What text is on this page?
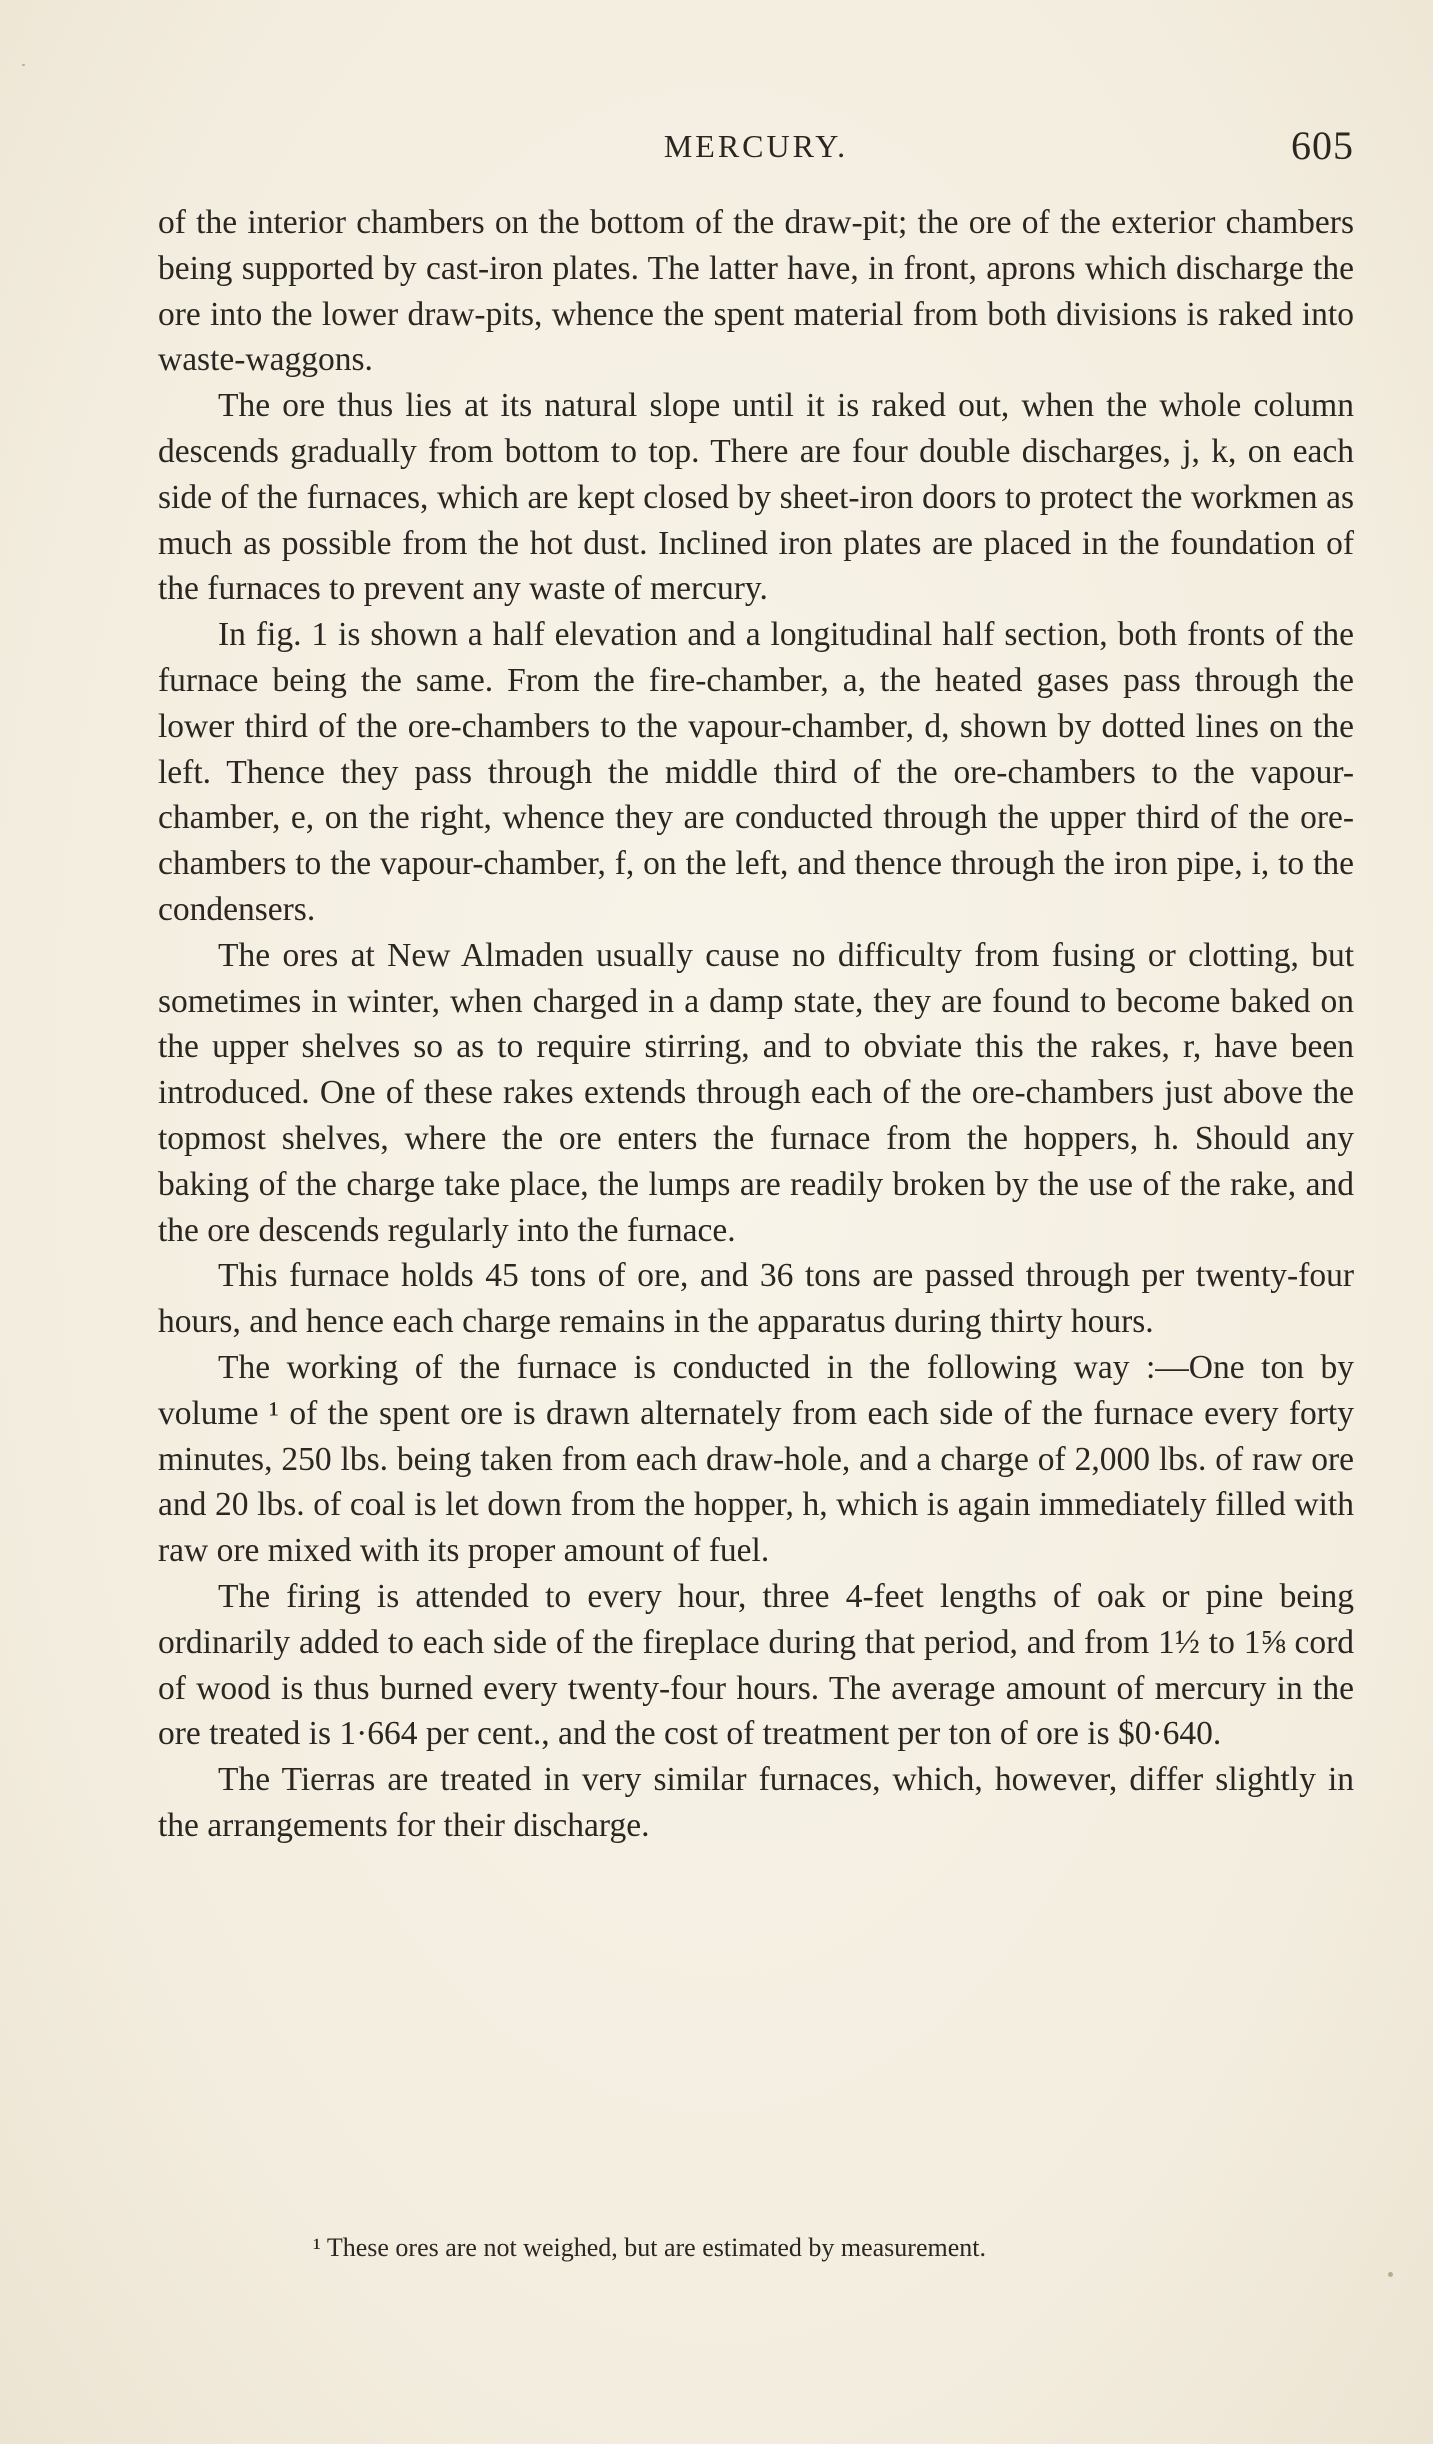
MERCURY.	605

of the interior chambers on the bottom of the draw-pit; the ore of the exterior chambers being supported by cast-iron plates. The latter have, in front, aprons which discharge the ore into the lower draw-pits, whence the spent material from both divisions is raked into waste-waggons.

The ore thus lies at its natural slope until it is raked out, when the whole column descends gradually from bottom to top. There are four double discharges, j, k, on each side of the furnaces, which are kept closed by sheet-iron doors to protect the workmen as much as possible from the hot dust. Inclined iron plates are placed in the foundation of the furnaces to prevent any waste of mercury.

In fig. 1 is shown a half elevation and a longitudinal half section, both fronts of the furnace being the same. From the fire-chamber, a, the heated gases pass through the lower third of the ore-chambers to the vapour-chamber, d, shown by dotted lines on the left. Thence they pass through the middle third of the ore-chambers to the vapour-chamber, e, on the right, whence they are conducted through the upper third of the ore-chambers to the vapour-chamber, f, on the left, and thence through the iron pipe, i, to the condensers.

The ores at New Almaden usually cause no difficulty from fusing or clotting, but sometimes in winter, when charged in a damp state, they are found to become baked on the upper shelves so as to require stirring, and to obviate this the rakes, r, have been introduced. One of these rakes extends through each of the ore-chambers just above the topmost shelves, where the ore enters the furnace from the hoppers, h. Should any baking of the charge take place, the lumps are readily broken by the use of the rake, and the ore descends regularly into the furnace.

This furnace holds 45 tons of ore, and 36 tons are passed through per twenty-four hours, and hence each charge remains in the apparatus during thirty hours.

The working of the furnace is conducted in the following way :—One ton by volume ¹ of the spent ore is drawn alternately from each side of the furnace every forty minutes, 250 lbs. being taken from each draw-hole, and a charge of 2,000 lbs. of raw ore and 20 lbs. of coal is let down from the hopper, h, which is again immediately filled with raw ore mixed with its proper amount of fuel.

The firing is attended to every hour, three 4-feet lengths of oak or pine being ordinarily added to each side of the fireplace during that period, and from 1½ to 1⅝ cord of wood is thus burned every twenty-four hours. The average amount of mercury in the ore treated is 1·664 per cent., and the cost of treatment per ton of ore is $0·640.

The Tierras are treated in very similar furnaces, which, however, differ slightly in the arrangements for their discharge.

¹ These ores are not weighed, but are estimated by measurement.
